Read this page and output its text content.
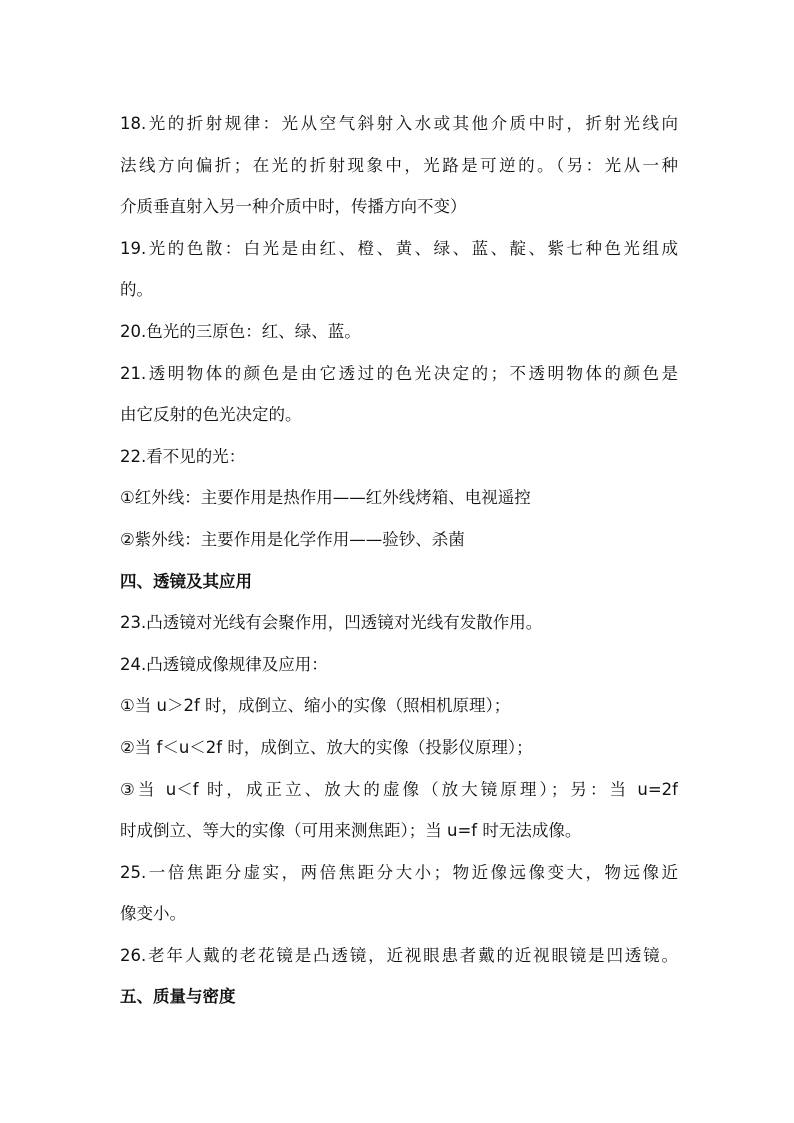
18.光的折射规律：光从空气斜射入水或其他介质中时，折射光线向
法线方向偏折；在光的折射现象中，光路是可逆的。（另：光从一种
介质垂直射入另一种介质中时，传播方向不变）
19.光的色散：白光是由红、橙、黄、绿、蓝、靛、紫七种色光组成
的。
20.色光的三原色：红、绿、蓝。
21.透明物体的颜色是由它透过的色光决定的；不透明物体的颜色是
由它反射的色光决定的。
22.看不见的光：
①红外线：主要作用是热作用——红外线烤箱、电视遥控
②紫外线：主要作用是化学作用——验钞、杀菌
四、透镜及其应用
23.凸透镜对光线有会聚作用，凹透镜对光线有发散作用。
24.凸透镜成像规律及应用：
①当 u＞2f 时，成倒立、缩小的实像（照相机原理）；
②当 f＜u＜2f 时，成倒立、放大的实像（投影仪原理）；
③当 u＜f 时，成正立、放大的虚像（放大镜原理）；另：当 u=2f
时成倒立、等大的实像（可用来测焦距）；当 u=f 时无法成像。
25.一倍焦距分虚实，两倍焦距分大小；物近像远像变大，物远像近
像变小。
26.老年人戴的老花镜是凸透镜，近视眼患者戴的近视眼镜是凹透镜。
五、质量与密度
